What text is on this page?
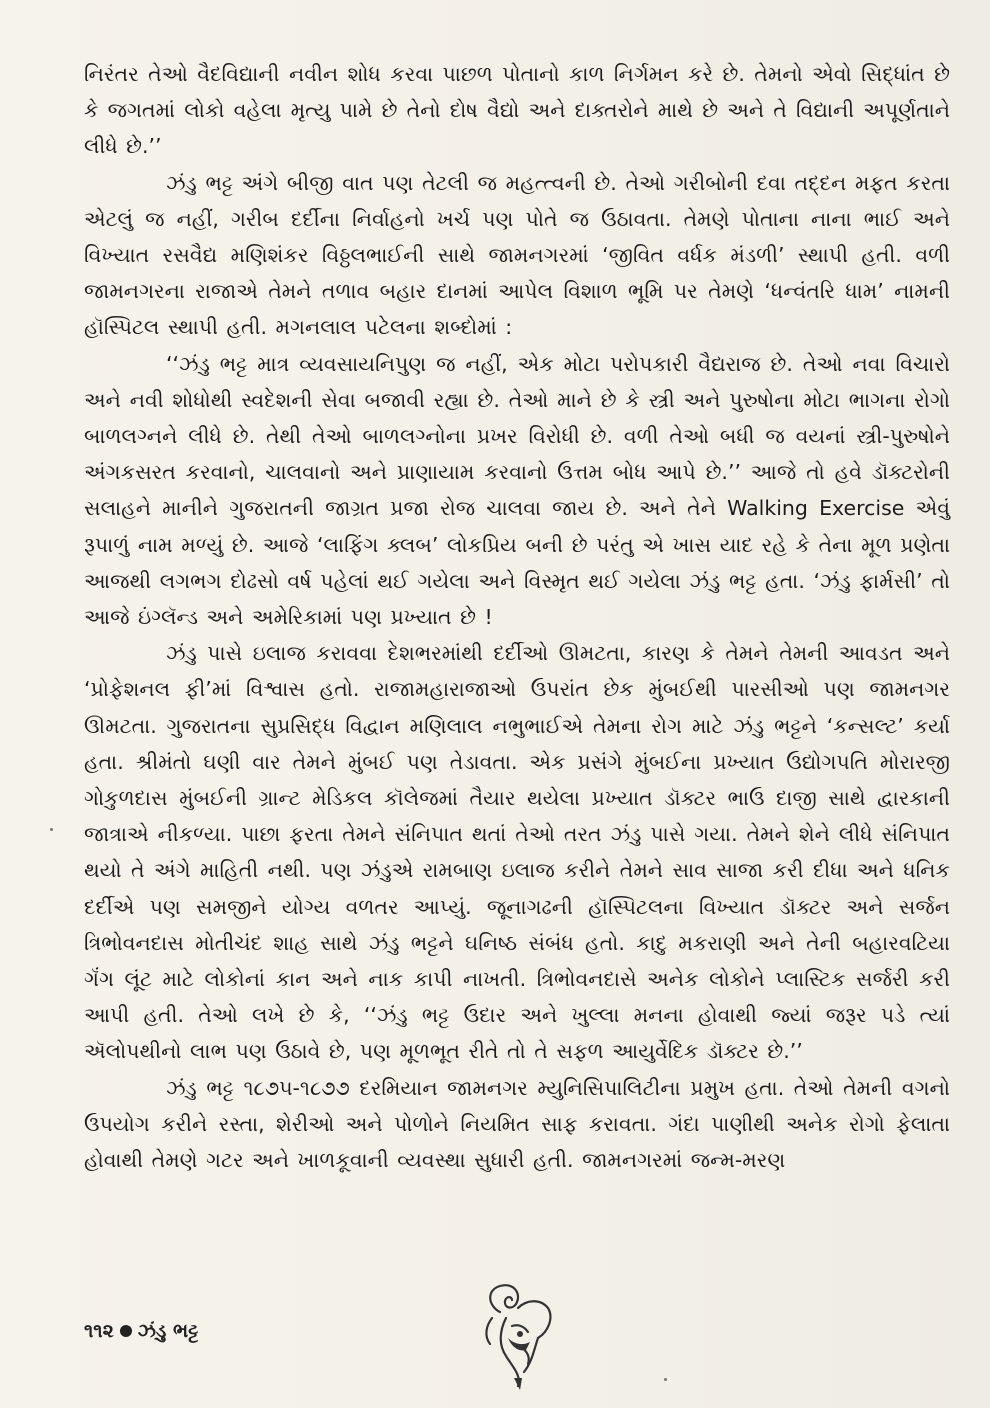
નિરંતર તેઓ વૈદવિદ્યાની નવીન શોધ કરવા પાછળ પોતાનો કાળ નિર્ગમન કરે છે. તેમનો એવો સિદ્ધાંત છે કે જગતમાં લોકો વહેલા મૃત્યુ પામે છે તેનો દોષ વૈદ્યો અને દાક્તરોને માથે છે અને તે વિદ્યાની અપૂર્ણતાને લીધે છે.’’

ઝંડુ ભટ્ટ અંગે બીજી વાત પણ તેટલી જ મહત્ત્વની છે. તેઓ ગરીબોની દવા તદ્દન મફત કરતા એટલું જ નહીં, ગરીબ દર્દીના નિર્વાહનો ખર્ચ પણ પોતે જ ઉઠાવતા. તેમણે પોતાના નાના ભાઈ અને વિખ્યાત રસવૈદ્ય મણિશંકર વિઠ્ઠલભાઈની સાથે જામનગરમાં ‘જીવિત વર્ધક મંડળી’ સ્થાપી હતી. વળી જામનગરના રાજાએ તેમને તળાવ બહાર દાનમાં આપેલ વિશાળ ભૂમિ પર તેમણે ‘ધન્વંતરિ ધામ’ નામની હૉસ્પિટલ સ્થાપી હતી. મગનલાલ પટેલના શબ્દોમાં :

‘‘ઝંડુ ભટ્ટ માત્ર વ્યવસાયનિપુણ જ નહીં, એક મોટા પરોપકારી વૈદ્યરાજ છે. તેઓ નવા વિચારો અને નવી શોધોથી સ્વદેશની સેવા બજાવી રહ્યા છે. તેઓ માને છે કે સ્ત્રી અને પુરુષોના મોટા ભાગના રોગો બાળલગ્નને લીધે છે. તેથી તેઓ બાળલગ્નોના પ્રખર વિરોધી છે. વળી તેઓ બધી જ વયનાં સ્ત્રી-પુરુષોને અંગકસરત કરવાનો, ચાલવાનો અને પ્રાણાયામ કરવાનો ઉત્તમ બોધ આપે છે.’’ આજે તો હવે ડૉક્ટરોની સલાહને માનીને ગુજરાતની જાગ્રત પ્રજા રોજ ચાલવા જાય છે. અને તેને Walking Exercise એવું રૂપાળું નામ મળ્યું છે. આજે ‘લાફિંગ ક્લબ’ લોકપ્રિય બની છે પરંતુ એ ખાસ યાદ રહે કે તેના મૂળ પ્રણેતા આજથી લગભગ દોઢસો વર્ષ પહેલાં થઈ ગયેલા અને વિસ્મૃત થઈ ગયેલા ઝંડુ ભટ્ટ હતા. ‘ઝંડુ ફાર્મસી’ તો આજે ઇંગ્લૅન્ડ અને અમેરિકામાં પણ પ્રખ્યાત છે !

ઝંડુ પાસે ઇલાજ કરાવવા દેશભરમાંથી દર્દીઓ ઊમટતા, કારણ કે તેમને તેમની આવડત અને ‘પ્રોફેશનલ ફી’માં વિશ્વાસ હતો. રાજામહારાજાઓ ઉપરાંત છેક મુંબઈથી પારસીઓ પણ જામનગર ઊમટતા. ગુજરાતના સુપ્રસિદ્ધ વિદ્વાન મણિલાલ નભુભાઈએ તેમના રોગ માટે ઝંડુ ભટ્ટને ‘કન્સલ્ટ’ કર્યા હતા. શ્રીમંતો ઘણી વાર તેમને મુંબઈ પણ તેડાવતા. એક પ્રસંગે મુંબઈના પ્રખ્યાત ઉદ્યોગપતિ મોરારજી ગોકુળદાસ મુંબઈની ગ્રાન્ટ મેડિકલ કૉલેજમાં તૈયાર થયેલા પ્રખ્યાત ડૉક્ટર ભાઉ દાજી સાથે દ્વારકાની જાત્રાએ નીકળ્યા. પાછા ફરતા તેમને સંનિપાત થતાં તેઓ તરત ઝંડુ પાસે ગયા. તેમને શેને લીધે સંનિપાત થયો તે અંગે માહિતી નથી. પણ ઝંડુએ રામબાણ ઇલાજ કરીને તેમને સાવ સાજા કરી દીધા અને ધનિક દર્દીએ પણ સમજીને યોગ્ય વળતર આપ્યું. જૂનાગઢની હૉસ્પિટલના વિખ્યાત ડૉક્ટર અને સર્જન ત્રિભોવનદાસ મોતીચંદ શાહ સાથે ઝંડુ ભટ્ટને ઘનિષ્ઠ સંબંધ હતો. કાદુ મકરાણી અને તેની બહારવટિયા ગૅંગ લૂંટ માટે લોકોનાં કાન અને નાક કાપી નાખતી. ત્રિભોવનદાસે અનેક લોકોને પ્લાસ્ટિક સર્જરી કરી આપી હતી. તેઓ લખે છે કે, ‘‘ઝંડુ ભટ્ટ ઉદાર અને ખુલ્લા મનના હોવાથી જ્યાં જરૂર પડે ત્યાં ઍલોપથીનો લાભ પણ ઉઠાવે છે, પણ મૂળભૂત રીતે તો તે સફળ આયુર્વેદિક ડૉક્ટર છે.’’

ઝંડુ ભટ્ટ ૧૮૭૫-૧૮૭૭ દરમિયાન જામનગર મ્યુનિસિપાલિટીના પ્રમુખ હતા. તેઓ તેમની વગનો ઉપયોગ કરીને રસ્તા, શેરીઓ અને પોળોને નિયમિત સાફ કરાવતા. ગંદા પાણીથી અનેક રોગો ફેલાતા હોવાથી તેમણે ગટર અને ખાળકૂવાની વ્યવસ્થા સુધારી હતી. જામનગરમાં જન્મ-મરણ

૧૧૨ ઝંડુ ભટ્ટ
